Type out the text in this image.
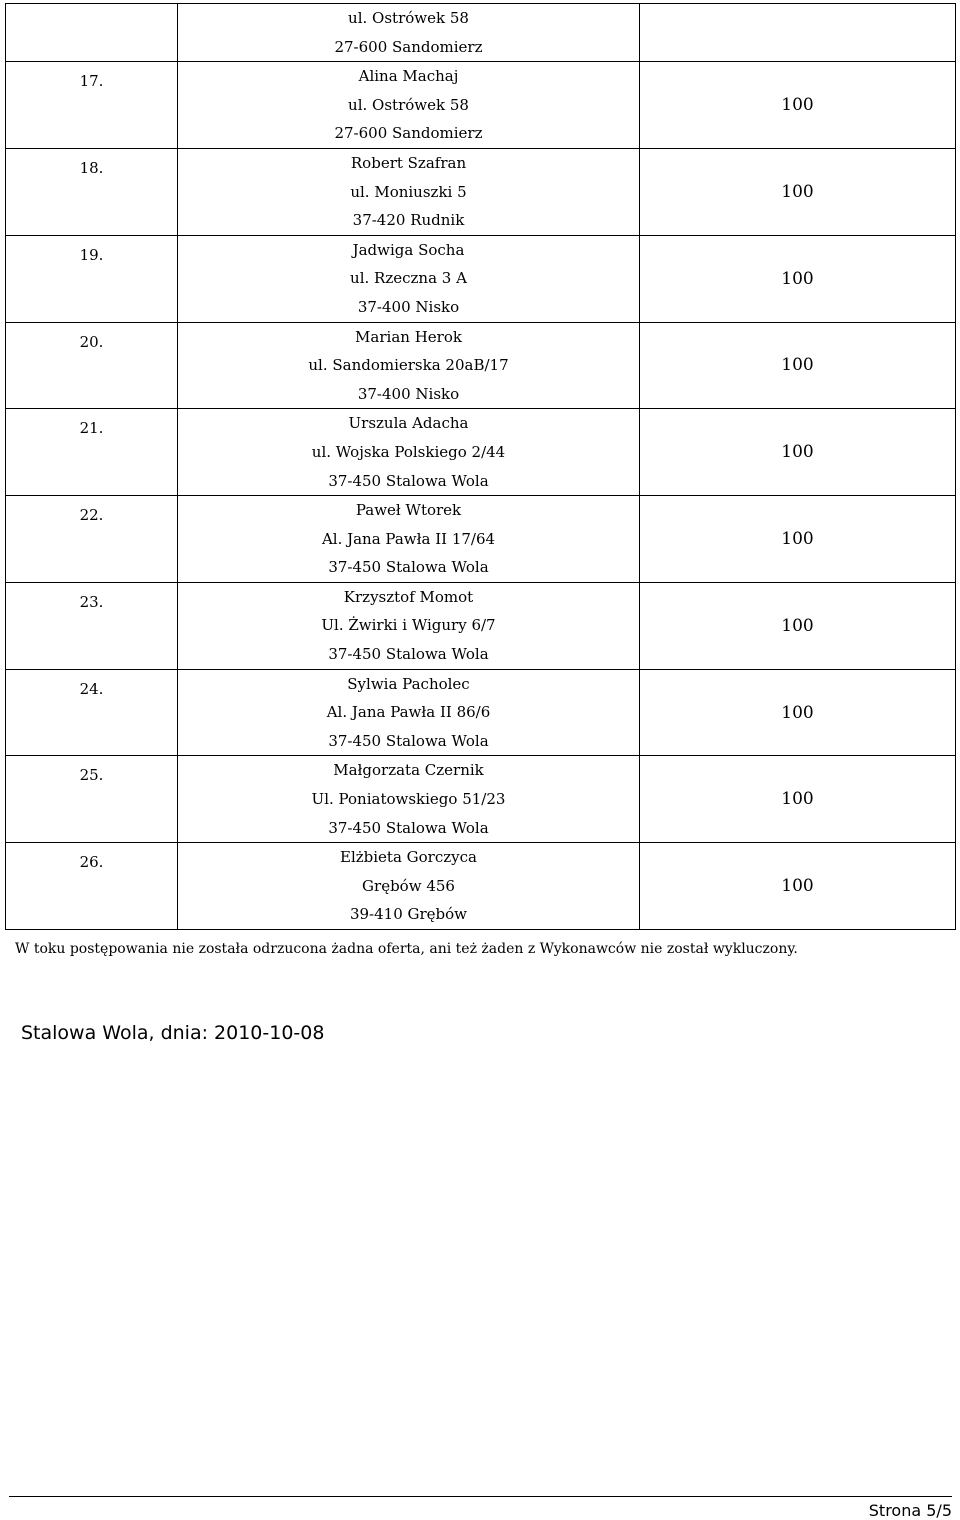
	ul. Ostrówek 58
27-600 Sandomierz	

17.	Alina Machaj
ul. Ostrówek 58
27-600 Sandomierz	100

18.	Robert Szafran
ul. Moniuszki 5
37-420 Rudnik	100

19.	Jadwiga Socha
ul. Rzeczna 3 A
37-400 Nisko	100

20.	Marian Herok
ul. Sandomierska 20aB/17
37-400 Nisko	100

21.	Urszula Adacha
ul. Wojska Polskiego 2/44
37-450 Stalowa Wola	100

22.	Paweł Wtorek
Al. Jana Pawła II 17/64
37-450 Stalowa Wola	100

23.	Krzysztof Momot
Ul. Żwirki i Wigury 6/7
37-450 Stalowa Wola	100

24.	Sylwia Pacholec
Al. Jana Pawła II 86/6
37-450 Stalowa Wola	100

25.	Małgorzata Czernik
Ul. Poniatowskiego 51/23
37-450 Stalowa Wola	100

26.	Elżbieta Gorczyca
Grębów 456
39-410 Grębów	100
W toku postępowania nie została odrzucona żadna oferta, ani też żaden z Wykonawców nie został wykluczony.
Stalowa Wola, dnia: 2010-10-08
Strona 5/5
